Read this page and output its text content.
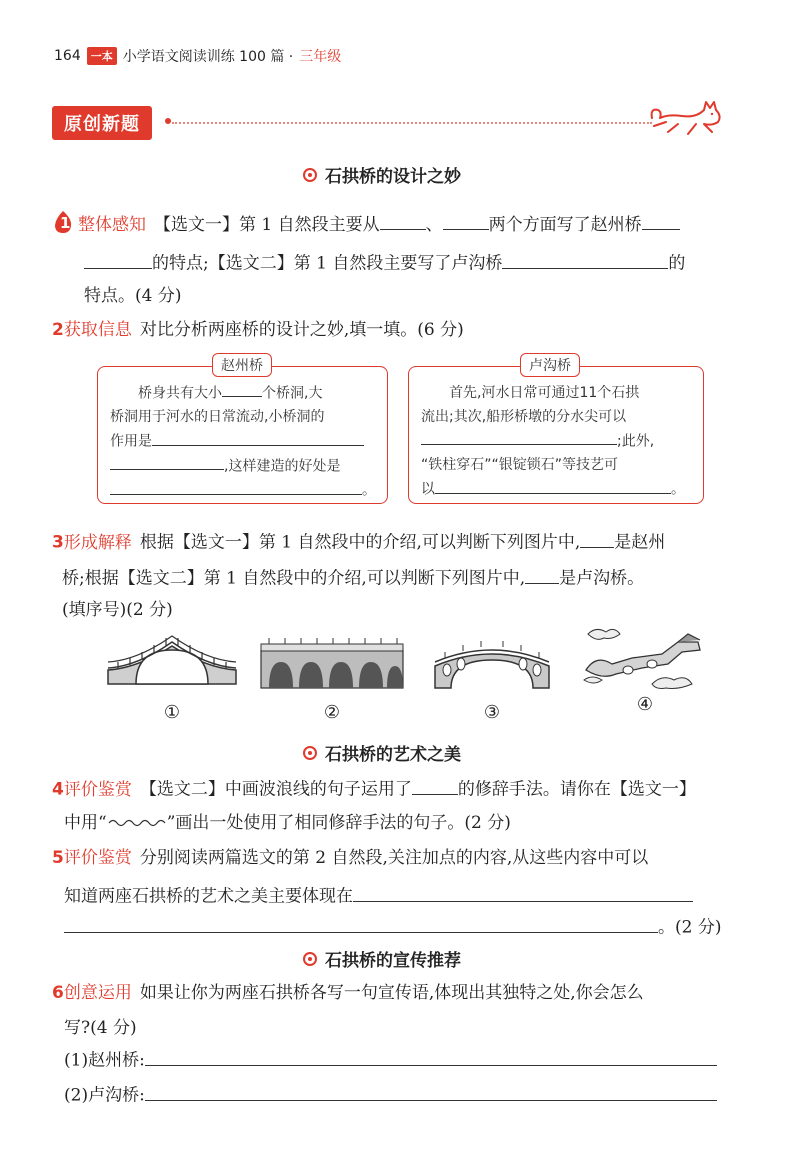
164 一本 小学语文阅读训练 100 篇 · 三年级
原创新题
石拱桥的设计之妙
1 整体感知 【选文一】第 1 自然段主要从	、	两个方面写了赵州桥
的特点;【选文二】第 1 自然段主要写了卢沟桥	的
特点。(4 分)
2获取信息 对比分析两座桥的设计之妙,填一填。(6 分)
桥身共有大小	个桥洞,大
桥洞用于河水的日常流动,小桥洞的
作用是
,这样建造的好处是
。
赵州桥
首先,河水日常可通过11个石拱
流出;其次,船形桥墩的分水尖可以
;此外,
“铁柱穿石”“银锭锁石”等技艺可
以	。
卢沟桥
3形成解释 根据【选文一】第 1 自然段中的介绍,可以判断下列图片中, 是赵州
桥;根据【选文二】第 1 自然段中的介绍,可以判断下列图片中, 是卢沟桥。
(填序号)(2 分)
①	②	③	④
石拱桥的艺术之美
4评价鉴赏 【选文二】中画波浪线的句子运用了	的修辞手法。请你在【选文一】
中用“	”画出一处使用了相同修辞手法的句子。(2 分)
5评价鉴赏 分别阅读两篇选文的第 2 自然段,关注加点的内容,从这些内容中可以
知道两座石拱桥的艺术之美主要体现在
。(2 分)
石拱桥的宣传推荐
6创意运用 如果让你为两座石拱桥各写一句宣传语,体现出其独特之处,你会怎么
写?(4 分)
(1)赵州桥:
(2)卢沟桥:
